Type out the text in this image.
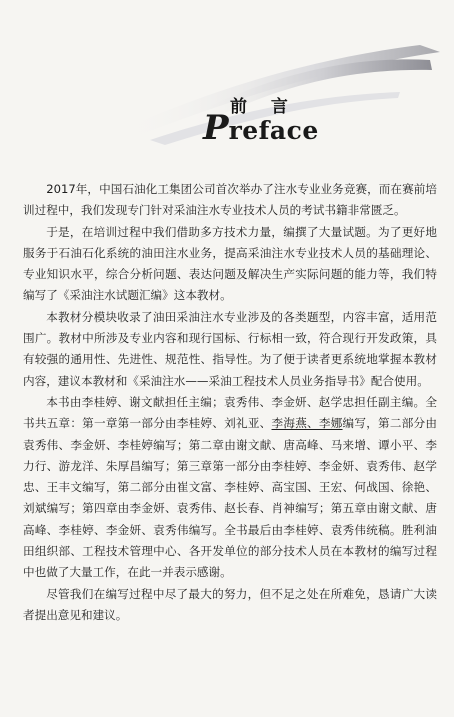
前 言
Preface

2017年，中国石油化工集团公司首次举办了注水专业业务竞赛，而在赛前培训过程中，我们发现专门针对采油注水专业技术人员的考试书籍非常匮乏。

于是，在培训过程中我们借助多方技术力量，编撰了大量试题。为了更好地服务于石油石化系统的油田注水业务，提高采油注水专业技术人员的基础理论、专业知识水平，综合分析问题、表达问题及解决生产实际问题的能力等，我们特编写了《采油注水试题汇编》这本教材。

本教材分模块收录了油田采油注水专业涉及的各类题型，内容丰富，适用范围广。教材中所涉及专业内容和现行国标、行标相一致，符合现行开发政策，具有较强的通用性、先进性、规范性、指导性。为了便于读者更系统地掌握本教材内容，建议本教材和《采油注水——采油工程技术人员业务指导书》配合使用。

本书由李桂婷、谢文献担任主编；袁秀伟、李金妍、赵学忠担任副主编。全书共五章：第一章第一部分由李桂婷、刘礼亚、李海燕、李娜编写，第二部分由袁秀伟、李金妍、李桂婷编写；第二章由谢文献、唐高峰、马来增、谭小平、李力行、游龙洋、朱厚昌编写；第三章第一部分由李桂婷、李金妍、袁秀伟、赵学忠、王丰文编写，第二部分由崔文富、李桂婷、高宝国、王宏、何战国、徐艳、刘斌编写；第四章由李金妍、袁秀伟、赵长春、肖神编写；第五章由谢文献、唐高峰、李桂婷、李金妍、袁秀伟编写。全书最后由李桂婷、袁秀伟统稿。胜利油田组织部、工程技术管理中心、各开发单位的部分技术人员在本教材的编写过程中也做了大量工作，在此一并表示感谢。

尽管我们在编写过程中尽了最大的努力，但不足之处在所难免，恳请广大读者提出意见和建议。
